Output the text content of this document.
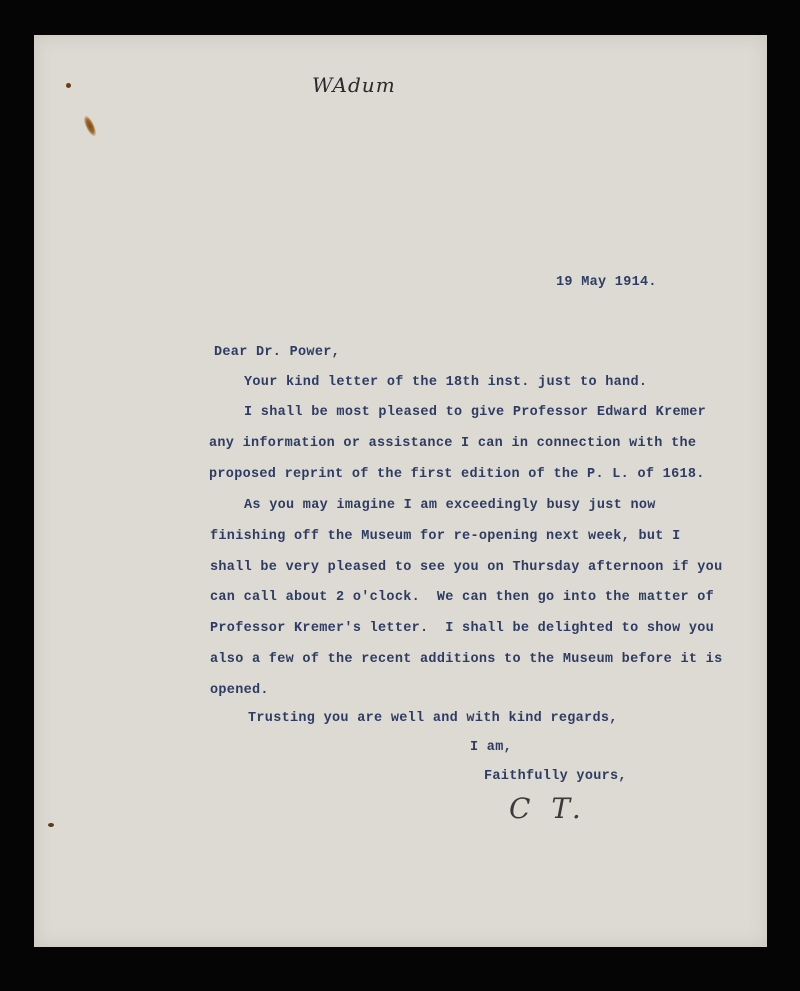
WAdum
19 May 1914.
Dear Dr. Power,
Your kind letter of the 18th inst. just to hand.
I shall be most pleased to give Professor Edward Kremer
any information or assistance I can in connection with the
proposed reprint of the first edition of the P. L. of 1618.
As you may imagine I am exceedingly busy just now
finishing off the Museum for re-opening next week, but I
shall be very pleased to see you on Thursday afternoon if you
can call about 2 o'clock.  We can then go into the matter of
Professor Kremer's letter.  I shall be delighted to show you
also a few of the recent additions to the Museum before it is
opened.
Trusting you are well and with kind regards,
I am,
Faithfully yours,
C T.
